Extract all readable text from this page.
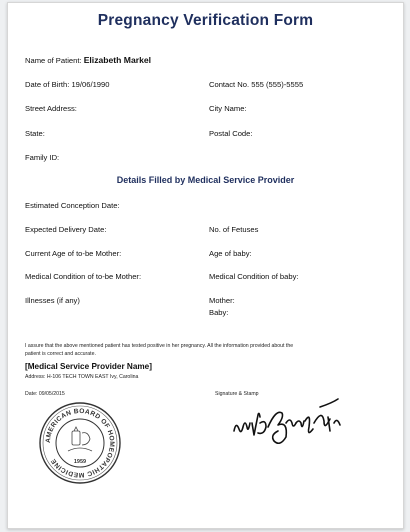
Pregnancy Verification Form
Name of Patient: Elizabeth Markel
Date of Birth: 19/06/1990	Contact No. 555 (555)-5555
Street Address:	City Name:
State:	Postal Code:
Family ID:
Details Filled by Medical Service Provider
Estimated Conception Date:
Expected Delivery Date:	No. of Fetuses
Current Age of to-be Mother:	Age of baby:
Medical Condition of to-be Mother:	Medical Condition of baby:
Illnesses (if any)	Mother:
Baby:
I assure that the above mentioned patient has tested positive in her pregnancy. All the information provided about the
patient is correct and accurate.
[Medical Service Provider Name]
Address: H-106 TECH TOWN EAST Ivy, Carolina
Date: 09/05/2015	Signature & Stamp
AMERICAN BOARD OF HOMEOPATHIC MEDICINE	1959
